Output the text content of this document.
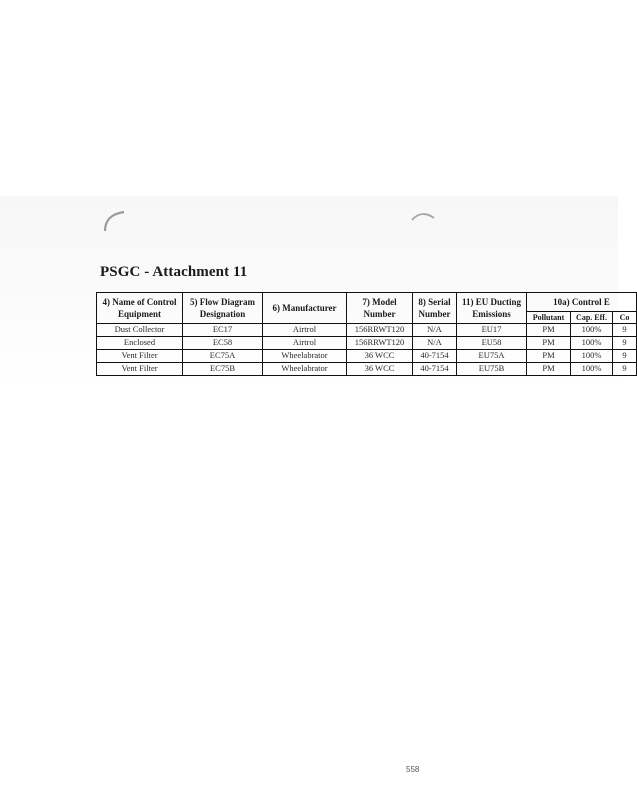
PSGC - Attachment 11
4) Name of Control Equipment	5) Flow Diagram Designation	6) Manufacturer	7) Model Number	8) Serial Number	11) EU Ducting Emissions	10a) Control E		
						Pollutant	Cap. Eff.	Co
Dust Collector	EC17	Airtrol	156RRWT120	N/A	EU17	PM	100%	9
Enclosed	EC58	Airtrol	156RRWT120	N/A	EU58	PM	100%	9
Vent Filter	EC75A	Wheelabrator	36 WCC	40-7154	EU75A	PM	100%	9
Vent Filter	EC75B	Wheelabrator	36 WCC	40-7154	EU75B	PM	100%	9
558
